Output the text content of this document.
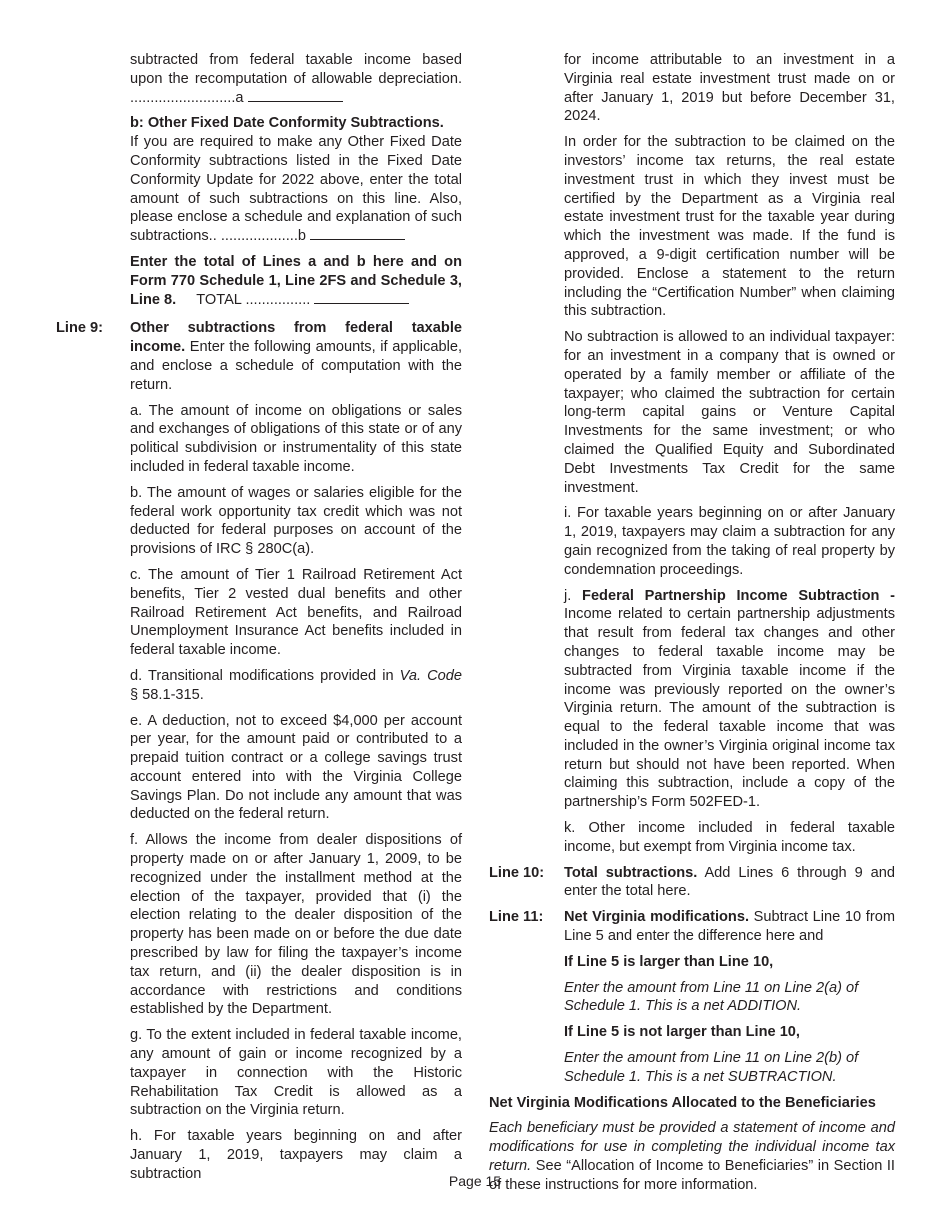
subtracted from federal taxable income based upon the recomputation of allowable depreciation. ..........................a

b: Other Fixed Date Conformity Subtractions.
If you are required to make any Other Fixed Date Conformity subtractions listed in the Fixed Date Conformity Update for 2022 above, enter the total amount of such subtractions on this line. Also, please enclose a schedule and explanation of such subtractions.. ...................b

Enter the total of Lines a and b here and on Form 770 Schedule 1, Line 2FS and Schedule 3, Line 8. TOTAL ................

Line 9: Other subtractions from federal taxable income. Enter the following amounts, if applicable, and enclose a schedule of computation with the return.

a. The amount of income on obligations or sales and exchanges of obligations of this state or of any political subdivision or instrumentality of this state included in federal taxable income.

b. The amount of wages or salaries eligible for the federal work opportunity tax credit which was not deducted for federal purposes on account of the provisions of IRC § 280C(a).

c. The amount of Tier 1 Railroad Retirement Act benefits, Tier 2 vested dual benefits and other Railroad Retirement Act benefits, and Railroad Unemployment Insurance Act benefits included in federal taxable income.

d. Transitional modifications provided in Va. Code § 58.1-315.

e. A deduction, not to exceed $4,000 per account per year, for the amount paid or contributed to a prepaid tuition contract or a college savings trust account entered into with the Virginia College Savings Plan. Do not include any amount that was deducted on the federal return.

f. Allows the income from dealer dispositions of property made on or after January 1, 2009, to be recognized under the installment method at the election of the taxpayer, provided that (i) the election relating to the dealer disposition of the property has been made on or before the due date prescribed by law for filing the taxpayer’s income tax return, and (ii) the dealer disposition is in accordance with restrictions and conditions established by the Department.

g. To the extent included in federal taxable income, any amount of gain or income recognized by a taxpayer in connection with the Historic Rehabilitation Tax Credit is allowed as a subtraction on the Virginia return.

h. For taxable years beginning on and after January 1, 2019, taxpayers may claim a subtraction

for income attributable to an investment in a Virginia real estate investment trust made on or after January 1, 2019 but before December 31, 2024.

In order for the subtraction to be claimed on the investors’ income tax returns, the real estate investment trust in which they invest must be certified by the Department as a Virginia real estate investment trust for the taxable year during which the investment was made. If the fund is approved, a 9-digit certification number will be provided. Enclose a statement to the return including the “Certification Number” when claiming this subtraction.

No subtraction is allowed to an individual taxpayer: for an investment in a company that is owned or operated by a family member or affiliate of the taxpayer; who claimed the subtraction for certain long-term capital gains or Venture Capital Investments for the same investment; or who claimed the Qualified Equity and Subordinated Debt Investments Tax Credit for the same investment.

i. For taxable years beginning on or after January 1, 2019, taxpayers may claim a subtraction for any gain recognized from the taking of real property by condemnation proceedings.

j. Federal Partnership Income Subtraction - Income related to certain partnership adjustments that result from federal tax changes and other changes to federal taxable income may be subtracted from Virginia taxable income if the income was previously reported on the owner’s Virginia return. The amount of the subtraction is equal to the federal taxable income that was included in the owner’s Virginia original income tax return but should not have been reported. When claiming this subtraction, include a copy of the partnership’s Form 502FED-1.

k. Other income included in federal taxable income, but exempt from Virginia income tax.

Line 10: Total subtractions. Add Lines 6 through 9 and enter the total here.

Line 11: Net Virginia modifications. Subtract Line 10 from Line 5 and enter the difference here and

If Line 5 is larger than Line 10,

Enter the amount from Line 11 on Line 2(a) of Schedule 1. This is a net ADDITION.

If Line 5 is not larger than Line 10,

Enter the amount from Line 11 on Line 2(b) of Schedule 1. This is a net SUBTRACTION.

Net Virginia Modifications Allocated to the Beneficiaries

Each beneficiary must be provided a statement of income and modifications for use in completing the individual income tax return. See “Allocation of Income to Beneficiaries” in Section II of these instructions for more information.

Page 15
